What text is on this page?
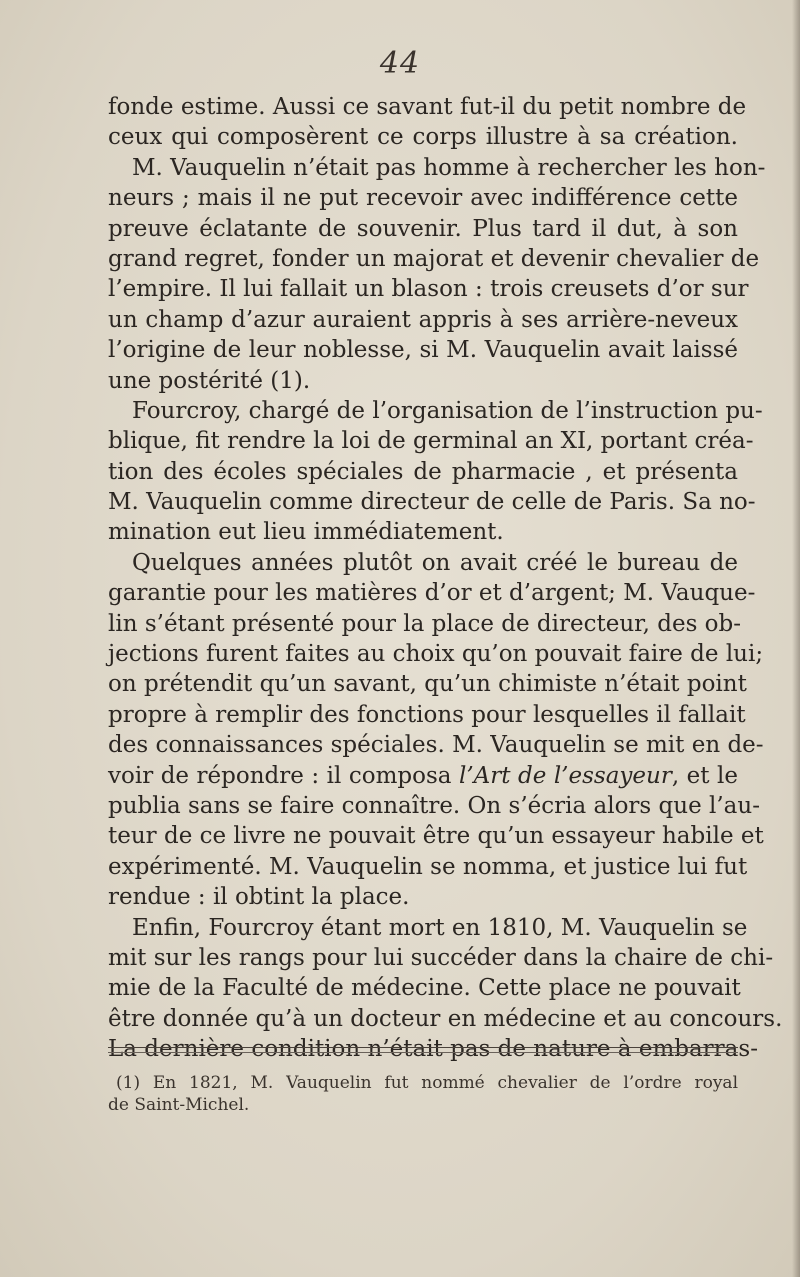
44
fonde estime. Aussi ce savant fut-il du petit nombre de
ceux qui composèrent ce corps illustre à sa création.
M. Vauquelin n’était pas homme à rechercher les hon-
neurs ; mais il ne put recevoir avec indifférence cette
preuve éclatante de souvenir. Plus tard il dut, à son
grand regret, fonder un majorat et devenir chevalier de
l’empire. Il lui fallait un blason : trois creusets d’or sur
un champ d’azur auraient appris à ses arrière-neveux
l’origine de leur noblesse, si M. Vauquelin avait laissé
une postérité (1).
Fourcroy, chargé de l’organisation de l’instruction pu-
blique, fit rendre la loi de germinal an XI, portant créa-
tion des écoles spéciales de pharmacie , et présenta
M. Vauquelin comme directeur de celle de Paris. Sa no-
mination eut lieu immédiatement.
Quelques années plutôt on avait créé le bureau de
garantie pour les matières d’or et d’argent; M. Vauque-
lin s’étant présenté pour la place de directeur, des ob-
jections furent faites au choix qu’on pouvait faire de lui;
on prétendit qu’un savant, qu’un chimiste n’était point
propre à remplir des fonctions pour lesquelles il fallait
des connaissances spéciales. M. Vauquelin se mit en de-
voir de répondre : il composa l’Art de l’essayeur, et le
publia sans se faire connaître. On s’écria alors que l’au-
teur de ce livre ne pouvait être qu’un essayeur habile et
expérimenté. M. Vauquelin se nomma, et justice lui fut
rendue : il obtint la place.
Enfin, Fourcroy étant mort en 1810, M. Vauquelin se
mit sur les rangs pour lui succéder dans la chaire de chi-
mie de la Faculté de médecine. Cette place ne pouvait
être donnée qu’à un docteur en médecine et au concours.
La dernière condition n’était pas de nature à embarras-
(1) En 1821, M. Vauquelin fut nommé chevalier de l’ordre royal
de Saint-Michel.
